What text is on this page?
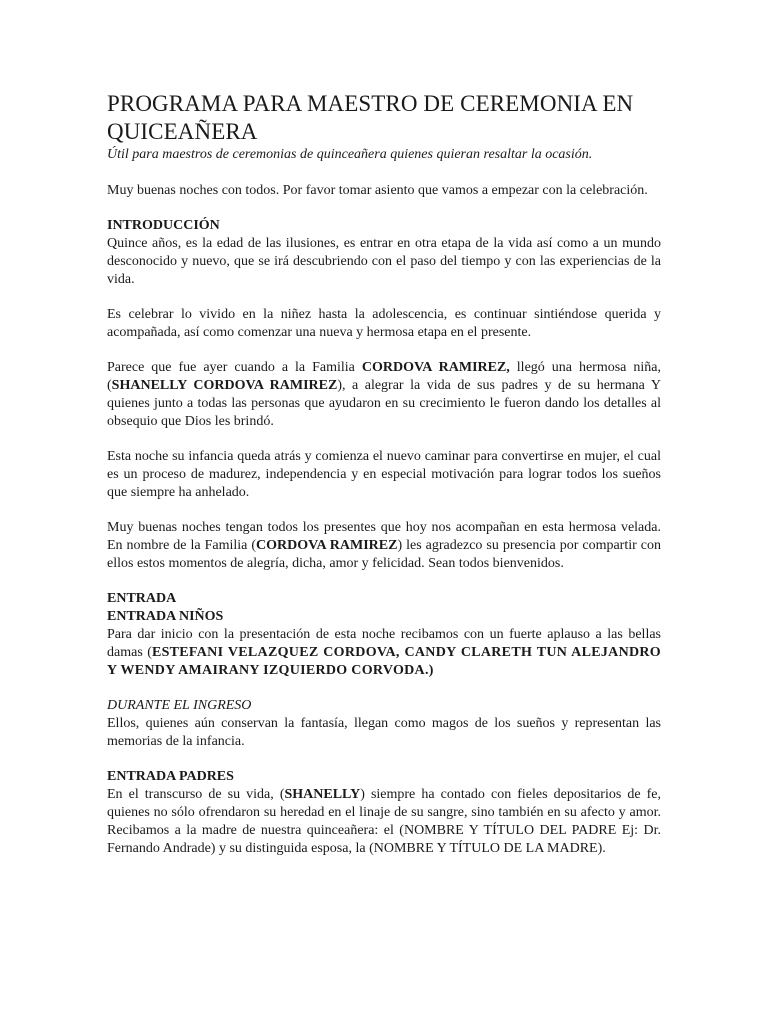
PROGRAMA PARA MAESTRO DE CEREMONIA EN QUICEAÑERA

Útil para maestros de ceremonias de quinceañera quienes quieran resaltar la ocasión.

Muy buenas noches con todos. Por favor tomar asiento que vamos a empezar con la celebración.

INTRODUCCIÓN

Quince años, es la edad de las ilusiones, es entrar en otra etapa de la vida así como a un mundo desconocido y nuevo, que se irá descubriendo con el paso del tiempo y con las experiencias de la vida.

Es celebrar lo vivido en la niñez hasta la adolescencia, es continuar sintiéndose querida y acompañada, así como comenzar una nueva y hermosa etapa en el presente.

Parece que fue ayer cuando a la Familia CORDOVA RAMIREZ, llegó una hermosa niña, (SHANELLY CORDOVA RAMIREZ), a alegrar la vida de sus padres y de su hermana Y quienes junto a todas las personas que ayudaron en su crecimiento le fueron dando los detalles al obsequio que Dios les brindó.

Esta noche su infancia queda atrás y comienza el nuevo caminar para convertirse en mujer, el cual es un proceso de madurez, independencia y en especial motivación para lograr todos los sueños que siempre ha anhelado.

Muy buenas noches tengan todos los presentes que hoy nos acompañan en esta hermosa velada. En nombre de la Familia (CORDOVA RAMIREZ) les agradezco su presencia por compartir con ellos estos momentos de alegría, dicha, amor y felicidad. Sean todos bienvenidos.

ENTRADA
ENTRADA NIÑOS

Para dar inicio con la presentación de esta noche recibamos con un fuerte aplauso a las bellas damas (ESTEFANI VELAZQUEZ CORDOVA, CANDY CLARETH TUN ALEJANDRO Y WENDY AMAIRANY IZQUIERDO CORVODA.)

DURANTE EL INGRESO

Ellos, quienes aún conservan la fantasía, llegan como magos de los sueños y representan las memorias de la infancia.

ENTRADA PADRES

En el transcurso de su vida, (SHANELLY) siempre ha contado con fieles depositarios de fe, quienes no sólo ofrendaron su heredad en el linaje de su sangre, sino también en su afecto y amor. Recibamos a la madre de nuestra quinceañera: el (NOMBRE Y TÍTULO DEL PADRE Ej: Dr. Fernando Andrade) y su distinguida esposa, la (NOMBRE Y TÍTULO DE LA MADRE).
